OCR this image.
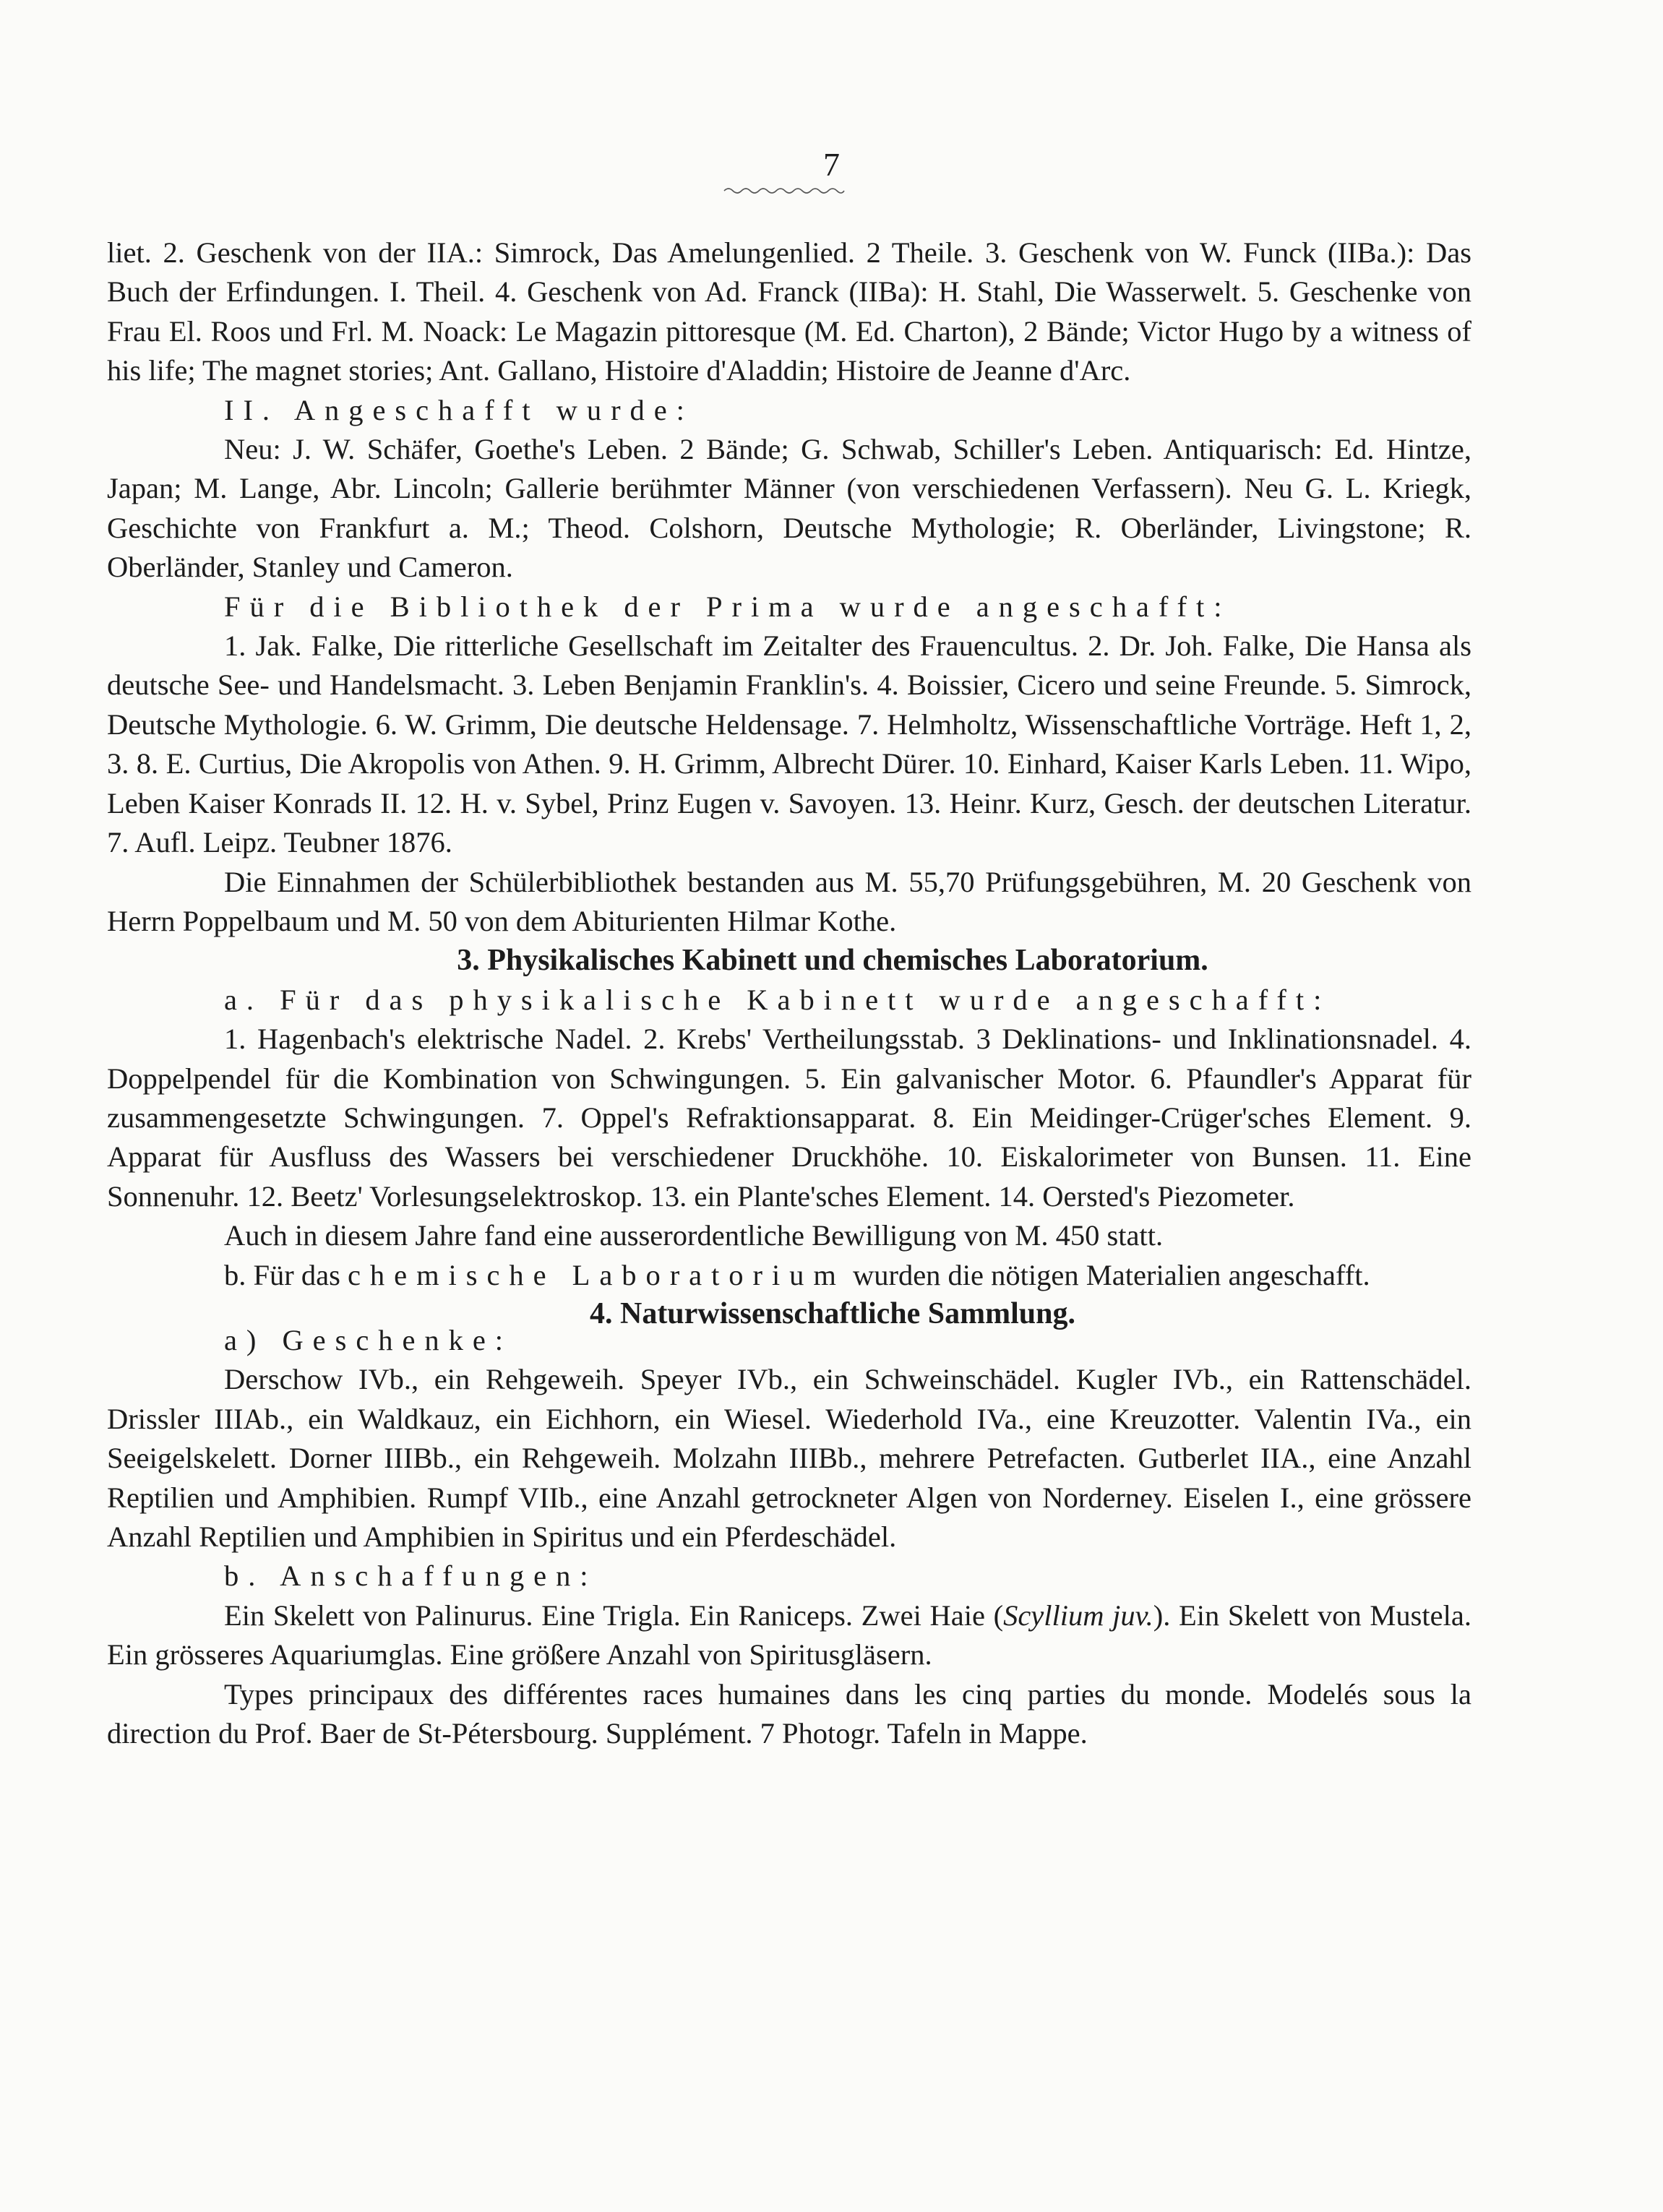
7

liet. 2. Geschenk von der IIA.: Simrock, Das Amelungenlied. 2 Theile. 3. Geschenk von W. Funck (IIBa.): Das Buch der Erfindungen. I. Theil. 4. Geschenk von Ad. Franck (IIBa): H. Stahl, Die Wasserwelt. 5. Geschenke von Frau El. Roos und Frl. M. Noack: Le Magazin pittoresque (M. Ed. Charton), 2 Bände; Victor Hugo by a witness of his life; The magnet stories; Ant. Gallano, Histoire d'Aladdin; Histoire de Jeanne d'Arc.

II. Angeschafft wurde:

Neu: J. W. Schäfer, Goethe's Leben. 2 Bände; G. Schwab, Schiller's Leben. Antiquarisch: Ed. Hintze, Japan; M. Lange, Abr. Lincoln; Gallerie berühmter Männer (von verschiedenen Verfassern). Neu G. L. Kriegk, Geschichte von Frankfurt a. M.; Theod. Colshorn, Deutsche Mythologie; R. Oberländer, Livingstone; R. Oberländer, Stanley und Cameron.

Für die Bibliothek der Prima wurde angeschafft:

1. Jak. Falke, Die ritterliche Gesellschaft im Zeitalter des Frauencultus. 2. Dr. Joh. Falke, Die Hansa als deutsche See- und Handelsmacht. 3. Leben Benjamin Franklin's. 4. Boissier, Cicero und seine Freunde. 5. Simrock, Deutsche Mythologie. 6. W. Grimm, Die deutsche Heldensage. 7. Helmholtz, Wissenschaftliche Vorträge. Heft 1, 2, 3. 8. E. Curtius, Die Akropolis von Athen. 9. H. Grimm, Albrecht Dürer. 10. Einhard, Kaiser Karls Leben. 11. Wipo, Leben Kaiser Konrads II. 12. H. v. Sybel, Prinz Eugen v. Savoyen. 13. Heinr. Kurz, Gesch. der deutschen Literatur. 7. Aufl. Leipz. Teubner 1876.

Die Einnahmen der Schülerbibliothek bestanden aus M. 55,70 Prüfungsgebühren, M. 20 Geschenk von Herrn Poppelbaum und M. 50 von dem Abiturienten Hilmar Kothe.

3. Physikalisches Kabinett und chemisches Laboratorium.

a. Für das physikalische Kabinett wurde angeschafft:

1. Hagenbach's elektrische Nadel. 2. Krebs' Vertheilungsstab. 3 Deklinations- und Inklinationsnadel. 4. Doppelpendel für die Kombination von Schwingungen. 5. Ein galvanischer Motor. 6. Pfaundler's Apparat für zusammengesetzte Schwingungen. 7. Oppel's Refraktionsapparat. 8. Ein Meidinger-Crüger'sches Element. 9. Apparat für Ausfluss des Wassers bei verschiedener Druckhöhe. 10. Eiskalorimeter von Bunsen. 11. Eine Sonnenuhr. 12. Beetz' Vorlesungselektroskop. 13. ein Plante'sches Element. 14. Oersted's Piezometer.

Auch in diesem Jahre fand eine ausserordentliche Bewilligung von M. 450 statt.

b. Für das chemische Laboratorium wurden die nötigen Materialien angeschafft.

4. Naturwissenschaftliche Sammlung.

a) Geschenke:

Derschow IVb., ein Rehgeweih. Speyer IVb., ein Schweinschädel. Kugler IVb., ein Rattenschädel. Drissler IIIAb., ein Waldkauz, ein Eichhorn, ein Wiesel. Wiederhold IVa., eine Kreuzotter. Valentin IVa., ein Seeigelskelett. Dorner IIIBb., ein Rehgeweih. Molzahn IIIBb., mehrere Petrefacten. Gutberlet IIA., eine Anzahl Reptilien und Amphibien. Rumpf VIIb., eine Anzahl getrockneter Algen von Norderney. Eiselen I., eine grössere Anzahl Reptilien und Amphibien in Spiritus und ein Pferdeschädel.

b. Anschaffungen:

Ein Skelett von Palinurus. Eine Trigla. Ein Raniceps. Zwei Haie (Scyllium juv.). Ein Skelett von Mustela. Ein grösseres Aquariumglas. Eine größere Anzahl von Spiritusgläsern.

Types principaux des différentes races humaines dans les cinq parties du monde. Modelés sous la direction du Prof. Baer de St-Pétersbourg. Supplément. 7 Photogr. Tafeln in Mappe.
